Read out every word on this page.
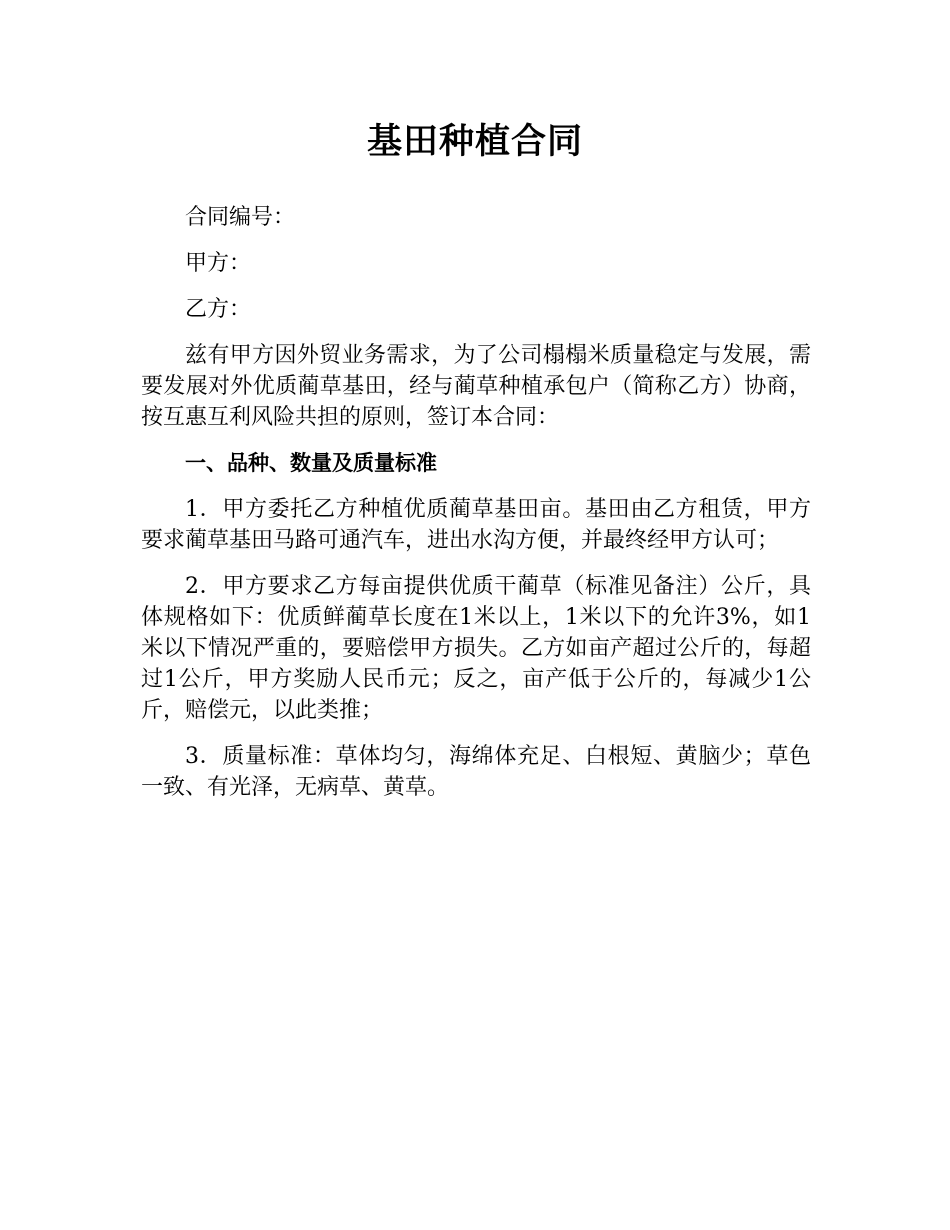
基田种植合同

合同编号：

甲方：

乙方：

兹有甲方因外贸业务需求，为了公司榻榻米质量稳定与发展，需要发展对外优质蔺草基田，经与蔺草种植承包户（简称乙方）协商，按互惠互利风险共担的原则，签订本合同：

一、品种、数量及质量标准

1．甲方委托乙方种植优质蔺草基田亩。基田由乙方租赁，甲方要求蔺草基田马路可通汽车，进出水沟方便，并最终经甲方认可；

2．甲方要求乙方每亩提供优质干蔺草（标准见备注）公斤，具体规格如下：优质鲜蔺草长度在1米以上，1米以下的允许3%，如1米以下情况严重的，要赔偿甲方损失。乙方如亩产超过公斤的，每超过1公斤，甲方奖励人民币元；反之，亩产低于公斤的，每减少1公斤，赔偿元，以此类推；

3．质量标准：草体均匀，海绵体充足、白根短、黄脑少；草色一致、有光泽，无病草、黄草。
